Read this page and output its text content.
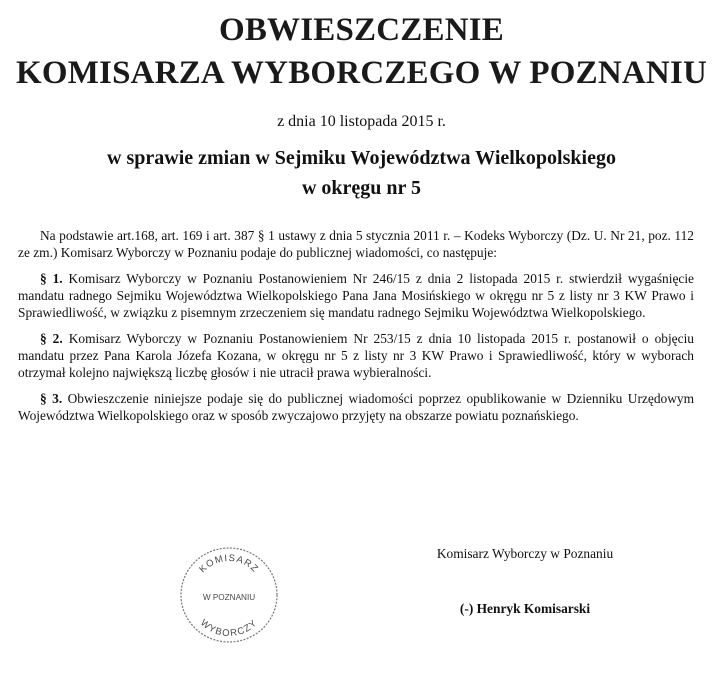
OBWIESZCZENIE
KOMISARZA WYBORCZEGO W POZNANIU
z dnia 10 listopada 2015 r.
w sprawie zmian w Sejmiku Województwa Wielkopolskiego
w okręgu nr 5

Na podstawie art.168, art. 169 i art. 387 § 1 ustawy z dnia 5 stycznia 2011 r. – Kodeks Wyborczy (Dz. U. Nr 21, poz. 112 ze zm.) Komisarz Wyborczy w Poznaniu podaje do publicznej wiadomości, co następuje:

§ 1. Komisarz Wyborczy w Poznaniu Postanowieniem Nr 246/15 z dnia 2 listopada 2015 r. stwierdził wygaśnięcie mandatu radnego Sejmiku Województwa Wielkopolskiego Pana Jana Mosińskiego w okręgu nr 5 z listy nr 3 KW Prawo i Sprawiedliwość, w związku z pisemnym zrzeczeniem się mandatu radnego Sejmiku Województwa Wielkopolskiego.

§ 2. Komisarz Wyborczy w Poznaniu Postanowieniem Nr 253/15 z dnia 10 listopada 2015 r. postanowił o objęciu mandatu przez Pana Karola Józefa Kozana, w okręgu nr 5 z listy nr 3 KW Prawo i Sprawiedliwość, który w wyborach otrzymał kolejno największą liczbę głosów i nie utracił prawa wybieralności.

§ 3. Obwieszczenie niniejsze podaje się do publicznej wiadomości poprzez opublikowanie w Dzienniku Urzędowym Województwa Wielkopolskiego oraz w sposób zwyczajowo przyjęty na obszarze powiatu poznańskiego.

KOMISARZ
W POZNANIU
WYBORCZY
Komisarz Wyborczy w Poznaniu
(-) Henryk Komisarski
